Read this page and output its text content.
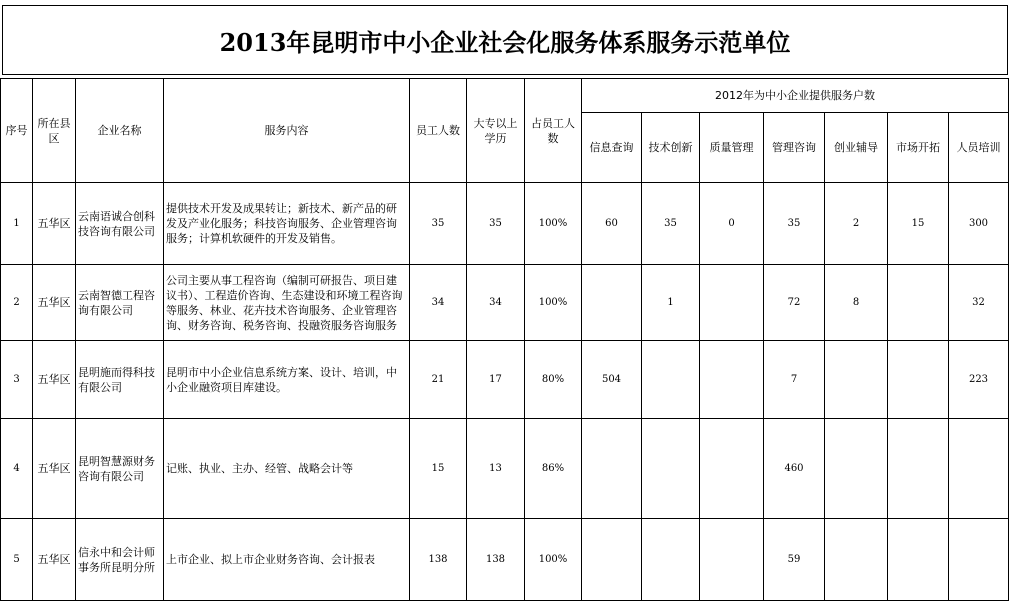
2013年昆明市中小企业社会化服务体系服务示范单位
序号	所在县区	企业名称	服务内容	员工人数	大专以上学历	占员工人数	2012年为中小企业提供服务户数						
							信息查询	技术创新	质量管理	管理咨询	创业辅导	市场开拓	人员培训
1	五华区	云南语诚合创科技咨询有限公司	提供技术开发及成果转让；新技术、新产品的研发及产业化服务；科技咨询服务、企业管理咨询服务；计算机软硬件的开发及销售。	35	35	100%	60	35	0	35	2	15	300
2	五华区	云南智德工程咨询有限公司	公司主要从事工程咨询（编制可研报告、项目建议书）、工程造价咨询、生态建设和环境工程咨询等服务、林业、花卉技术咨询服务、企业管理咨询、财务咨询、税务咨询、投融资服务咨询服务	34	34	100%		1		72	8		32
3	五华区	昆明施而得科技有限公司	昆明市中小企业信息系统方案、设计、培训，中小企业融资项目库建设。	21	17	80%	504			7			223
4	五华区	昆明智慧源财务咨询有限公司	记账、执业、主办、经管、战略会计等	15	13	86%				460			
5	五华区	信永中和会计师事务所昆明分所	上市企业、拟上市企业财务咨询、会计报表	138	138	100%				59			
